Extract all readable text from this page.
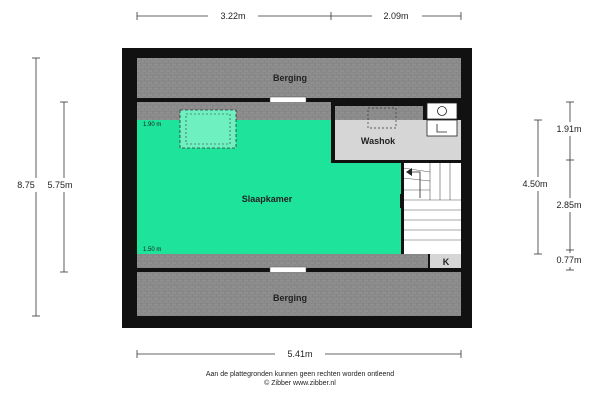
Berging
Slaapkamer
Washok
K
Berging
1.90 m
1.50 m
3.22m	2.09m
5.41m
8.75 5.75m
1.91m
4.50m
2.85m
0.77m
Aan de plattegronden kunnen geen rechten worden ontleend
© Zibber www.zibber.nl
